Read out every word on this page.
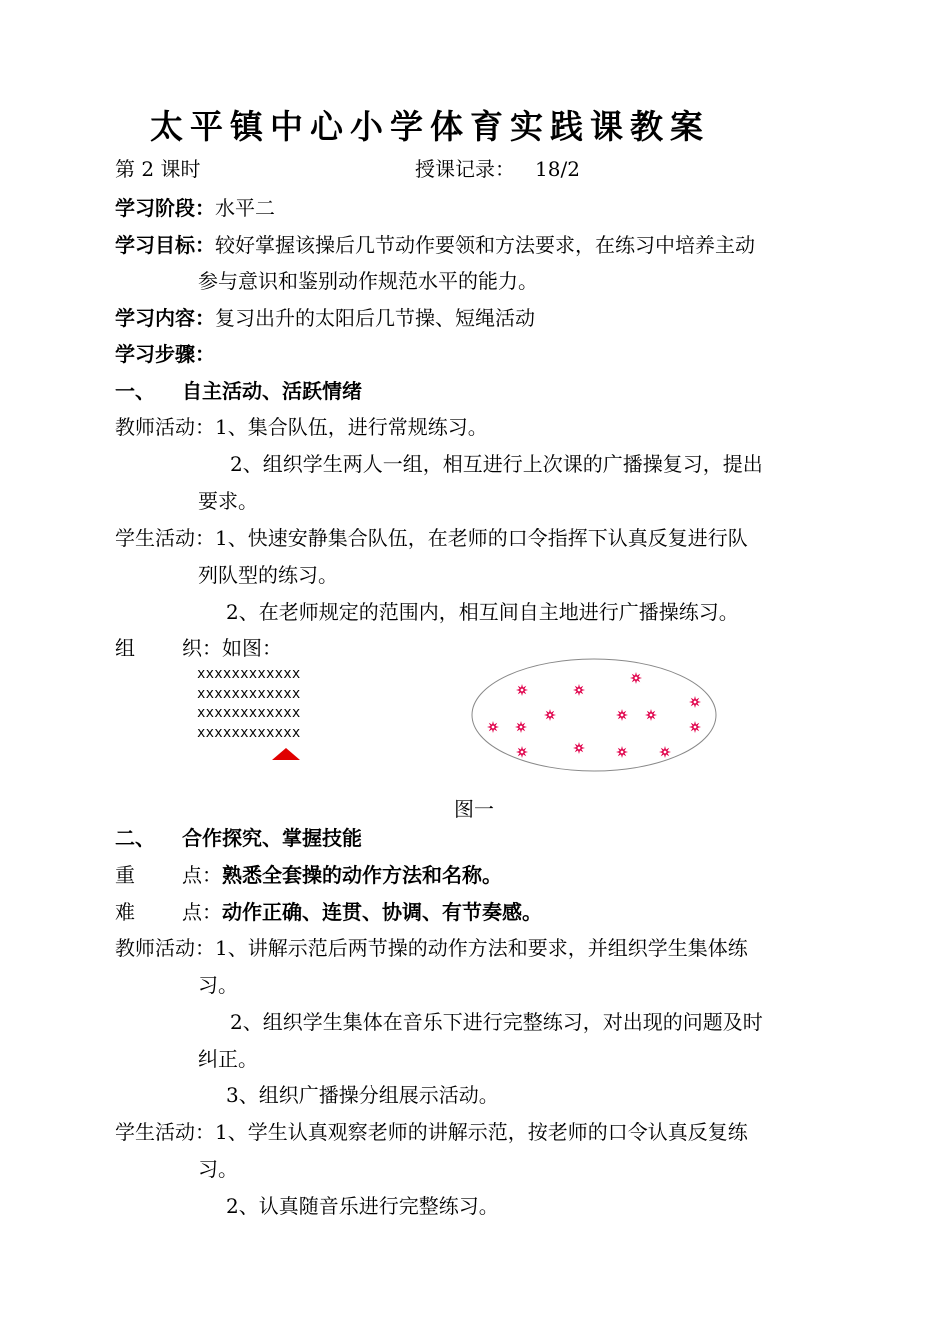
太平镇中心小学体育实践课教案
第 2 课时	授课记录： 18/2
学习阶段：水平二
学习目标：较好掌握该操后几节动作要领和方法要求，在练习中培养主动
参与意识和鉴别动作规范水平的能力。
学习内容：复习出升的太阳后几节操、短绳活动
学习步骤：
一、 自主活动、活跃情绪
教师活动：1、集合队伍，进行常规练习。
2、组织学生两人一组，相互进行上次课的广播操复习，提出
要求。
学生活动：1、快速安静集合队伍，在老师的口令指挥下认真反复进行队
列队型的练习。
2、在老师规定的范围内，相互间自主地进行广播操练习。
组 织：如图：
xxxxxxxxxxxx
xxxxxxxxxxxx
xxxxxxxxxxxx
xxxxxxxxxxxx
图一
二、 合作探究、掌握技能
重 点：熟悉全套操的动作方法和名称。
难 点：动作正确、连贯、协调、有节奏感。
教师活动：1、讲解示范后两节操的动作方法和要求，并组织学生集体练
习。
2、组织学生集体在音乐下进行完整练习，对出现的问题及时
纠正。
3、组织广播操分组展示活动。
学生活动：1、学生认真观察老师的讲解示范，按老师的口令认真反复练
习。
2、认真随音乐进行完整练习。
